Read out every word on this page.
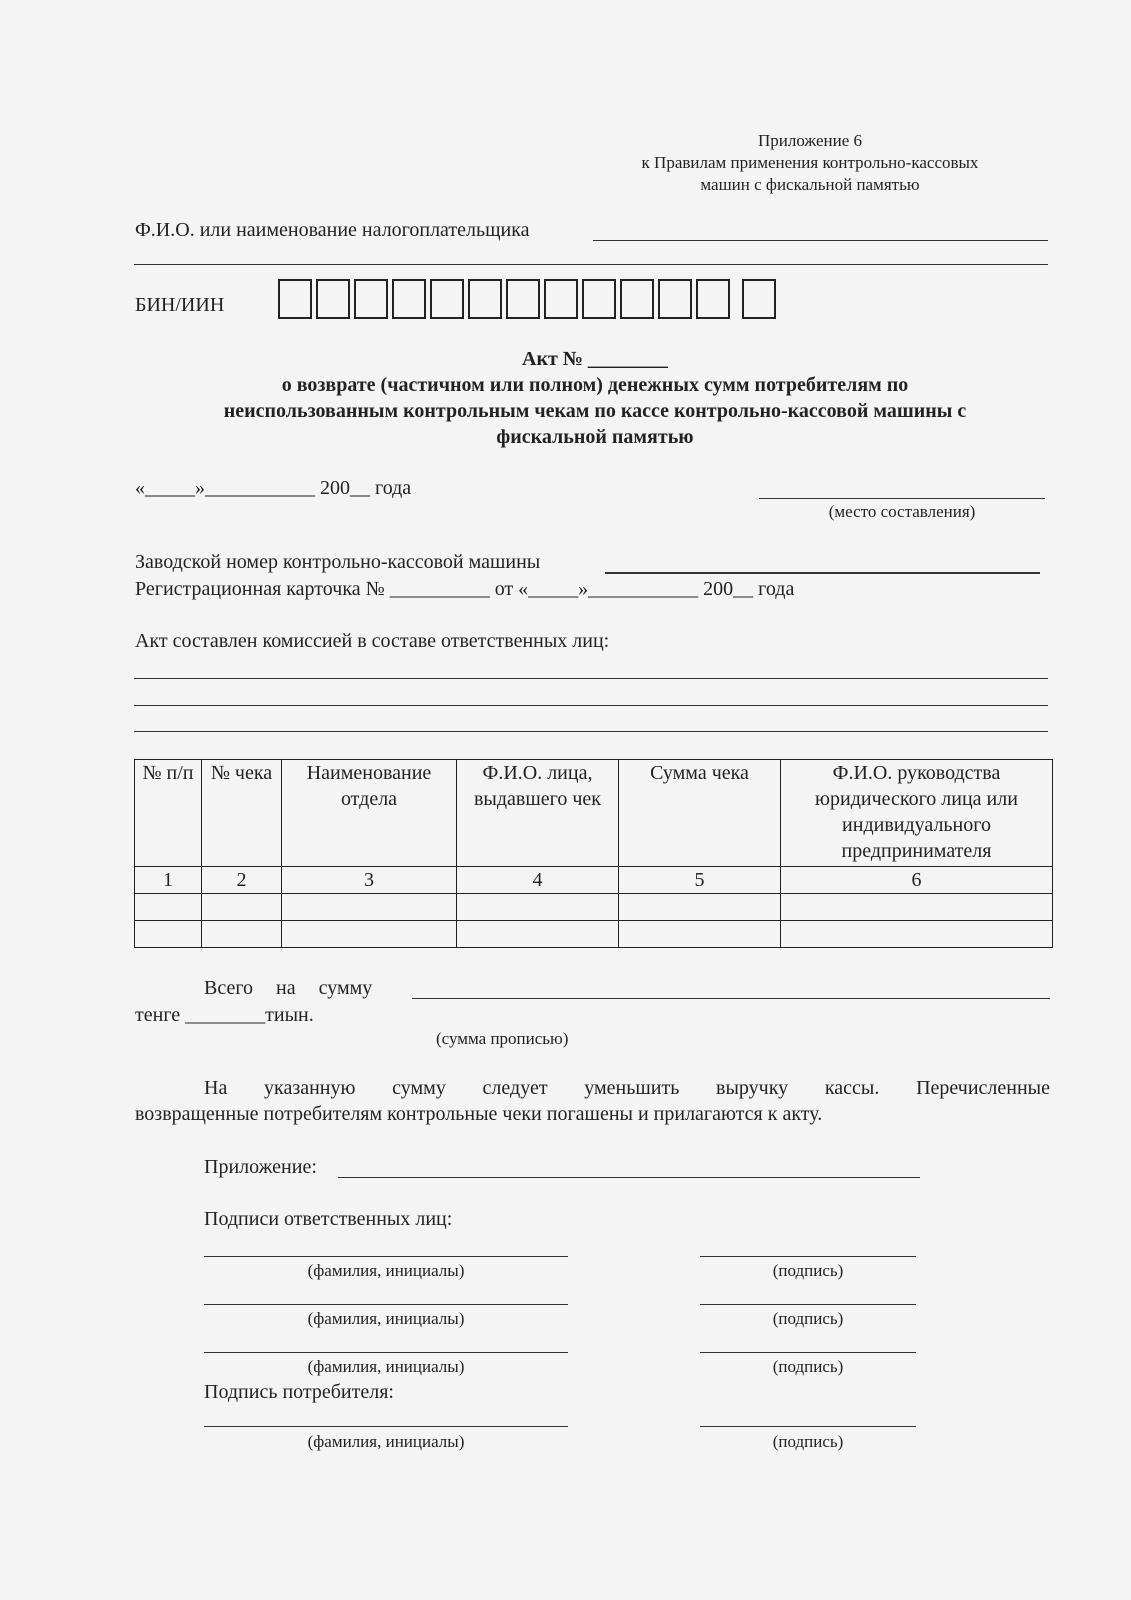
Приложение 6
к Правилам применения контрольно-кассовых
машин с фискальной памятью
Ф.И.О. или наименование налогоплательщика
БИН/ИИН
Акт № ________
о возврате (частичном или полном) денежных сумм потребителям по
неиспользованным контрольным чекам по кассе контрольно-кассовой машины с
фискальной памятью
«_____»___________ 200__ года
(место составления)
Заводской номер контрольно-кассовой машины
Регистрационная карточка № __________ от «_____»___________ 200__ года
Акт составлен комиссией в составе ответственных лиц:
№ п/п	№ чека	Наименование отдела	Ф.И.О. лица, выдавшего чек	Сумма чека	Ф.И.О. руководства юридического лица или индивидуального предпринимателя
1	2	3	4	5	6

Всего на сумму
тенге ________тиын.
(сумма прописью)
На указанную сумму следует уменьшить выручку кассы. Перечисленные
возвращенные потребителям контрольные чеки погашены и прилагаются к акту.
Приложение:
Подписи ответственных лиц:
(фамилия, инициалы)	(подпись)
(фамилия, инициалы)	(подпись)
(фамилия, инициалы)	(подпись)
Подпись потребителя:
(фамилия, инициалы)	(подпись)
